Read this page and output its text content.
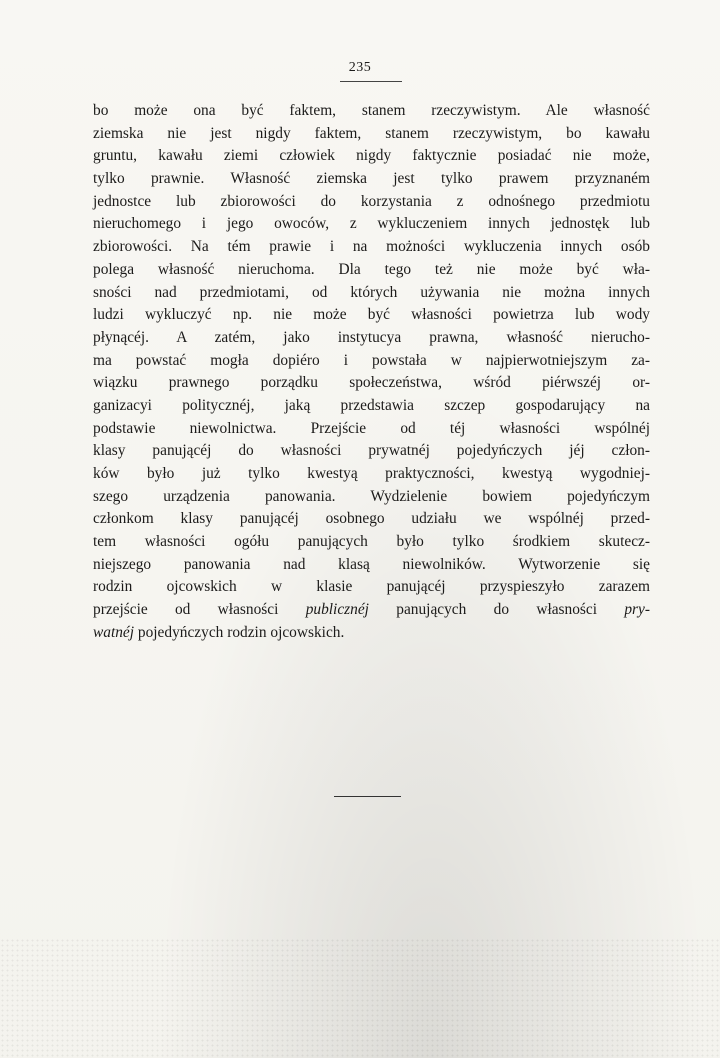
235
bo może ona być faktem, stanem rzeczywistym. Ale własność
ziemska nie jest nigdy faktem, stanem rzeczywistym, bo kawału
gruntu, kawału ziemi człowiek nigdy faktycznie posiadać nie może,
tylko prawnie. Własność ziemska jest tylko prawem przyznaném
jednostce lub zbiorowości do korzystania z odnośnego przedmiotu
nieruchomego i jego owoców, z wykluczeniem innych jednostęk lub
zbiorowości. Na tém prawie i na możności wykluczenia innych osób
polega własność nieruchoma. Dla tego też nie może być wła-
sności nad przedmiotami, od których używania nie można innych
ludzi wykluczyć np. nie może być własności powietrza lub wody
płynącéj. A zatém, jako instytucya prawna, własność nierucho-
ma powstać mogła dopiéro i powstała w najpierwotniejszym za-
wiązku prawnego porządku społeczeństwa, wśród piérwszéj or-
ganizacyi politycznéj, jaką przedstawia szczep gospodarujący na
podstawie niewolnictwa. Przejście od téj własności wspólnéj
klasy panującéj do własności prywatnéj pojedyńczych jéj człon-
ków było już tylko kwestyą praktyczności, kwestyą wygodniej-
szego urządzenia panowania. Wydzielenie bowiem pojedyńczym
członkom klasy panującéj osobnego udziału we wspólnéj przed-
tem własności ogółu panujących było tylko środkiem skutecz-
niejszego panowania nad klasą niewolników. Wytworzenie się
rodzin ojcowskich w klasie panującéj przyspieszyło zarazem
przejście od własności publicznéj panujących do własności pry-
watnéj pojedyńczych rodzin ojcowskich.
